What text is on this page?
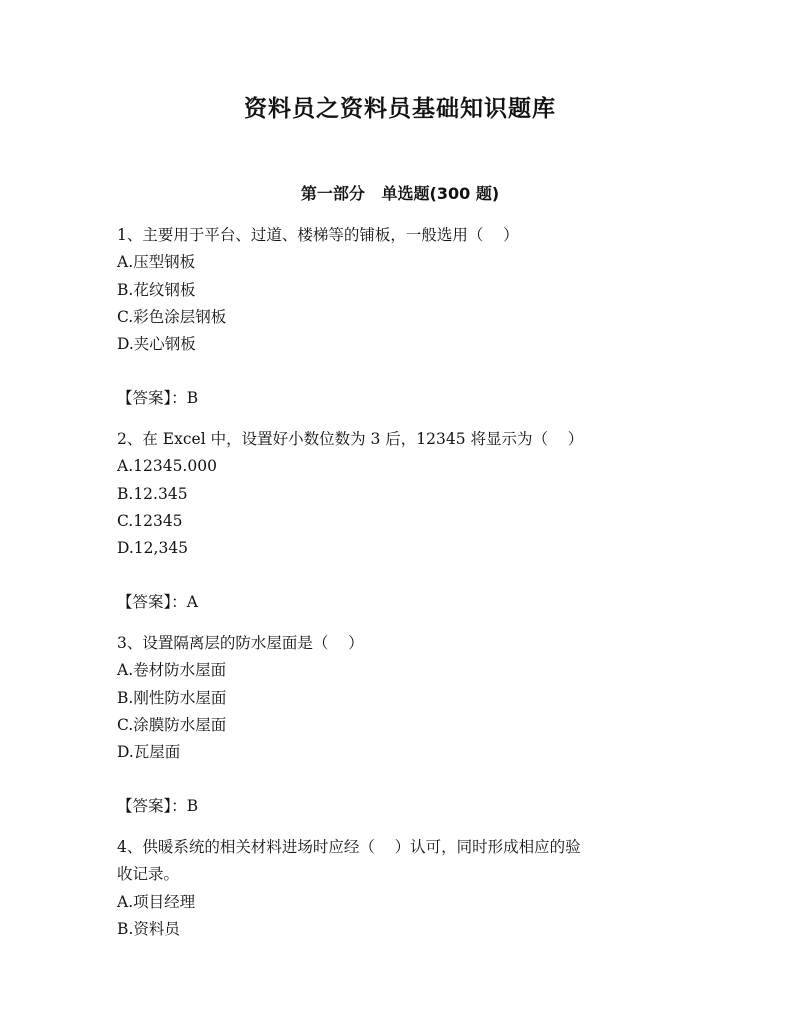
资料员之资料员基础知识题库
第一部分   单选题(300 题)
1、主要用于平台、过道、楼梯等的铺板，一般选用（    ）
A.压型钢板
B.花纹钢板
C.彩色涂层钢板
D.夹心钢板
【答案】：B
2、在 Excel 中，设置好小数位数为 3 后，12345 将显示为（    ）
A.12345.000
B.12.345
C.12345
D.12,345
【答案】：A
3、设置隔离层的防水屋面是（    ）
A.卷材防水屋面
B.刚性防水屋面
C.涂膜防水屋面
D.瓦屋面
【答案】：B
4、供暖系统的相关材料进场时应经（    ）认可，同时形成相应的验
收记录。
A.项目经理
B.资料员
